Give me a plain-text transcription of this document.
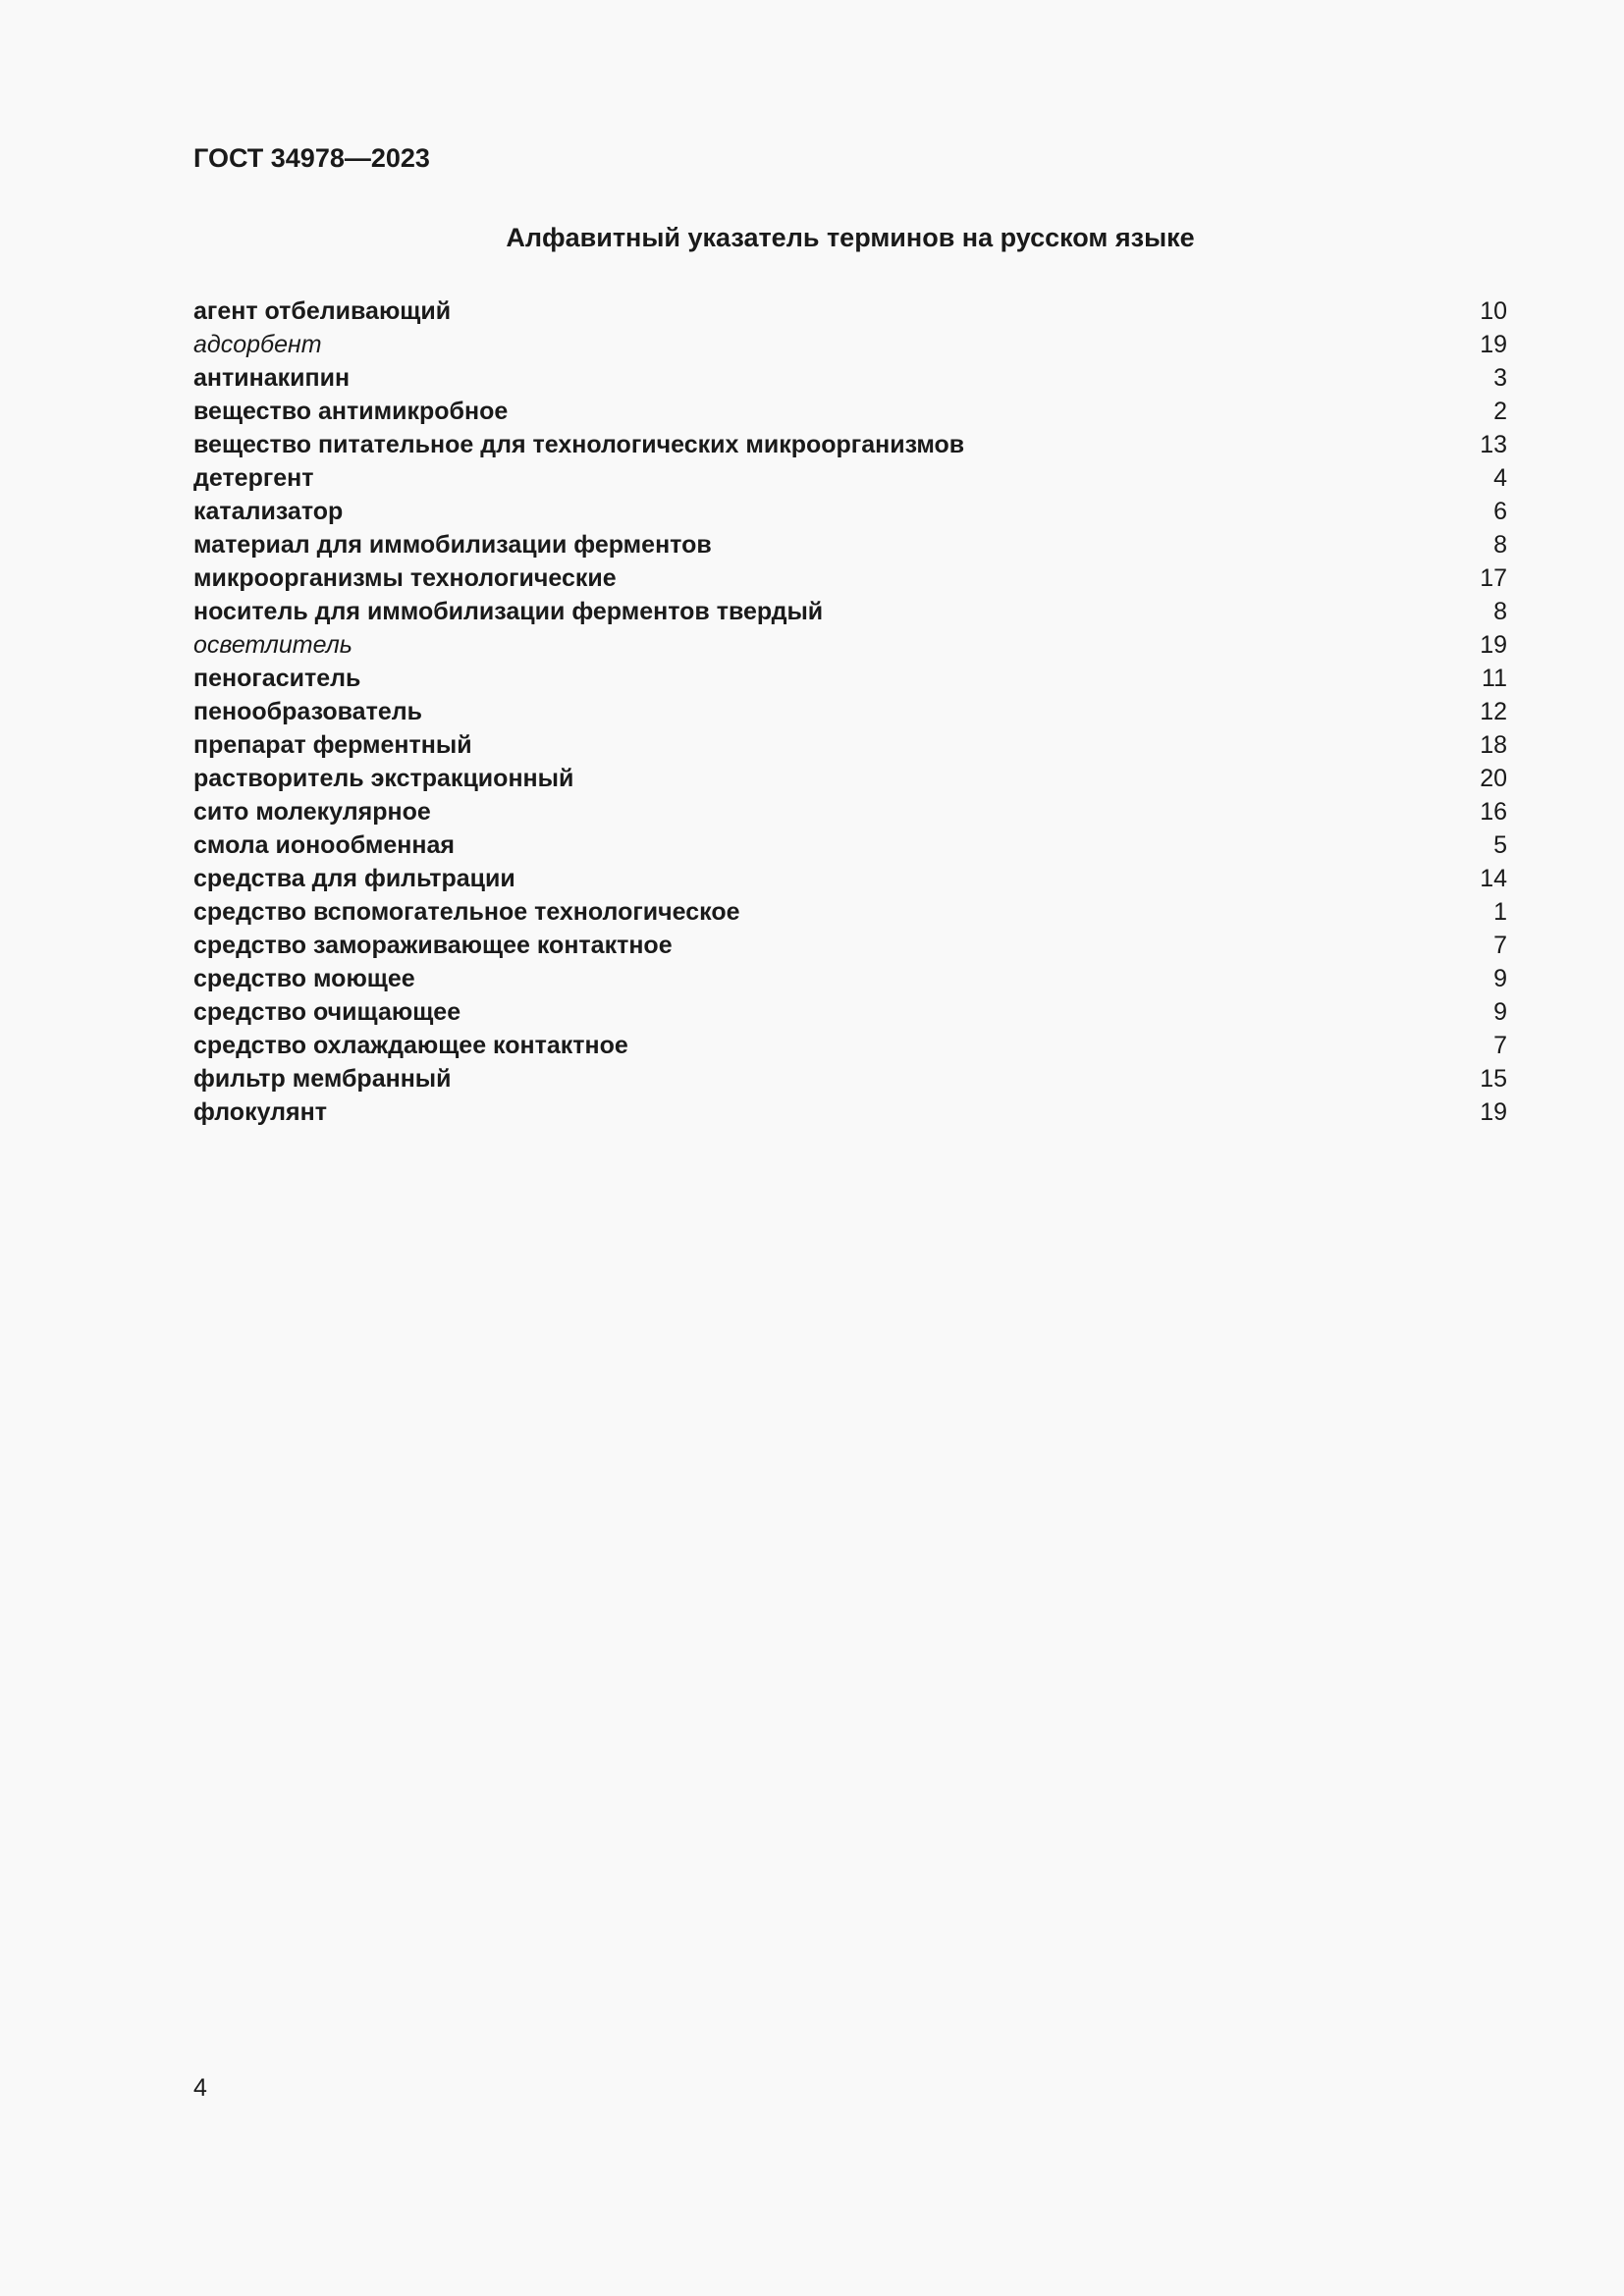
ГОСТ 34978—2023
Алфавитный указатель терминов на русском языке
агент отбеливающий	10
адсорбент	19
антинакипин	3
вещество антимикробное	2
вещество питательное для технологических микроорганизмов	13
детергент	4
катализатор	6
материал для иммобилизации ферментов	8
микроорганизмы технологические	17
носитель для иммобилизации ферментов твердый	8
осветлитель	19
пеногаситель	11
пенообразователь	12
препарат ферментный	18
растворитель экстракционный	20
сито молекулярное	16
смола ионообменная	5
средства для фильтрации	14
средство вспомогательное технологическое	1
средство замораживающее контактное	7
средство моющее	9
средство очищающее	9
средство охлаждающее контактное	7
фильтр мембранный	15
флокулянт	19
4
